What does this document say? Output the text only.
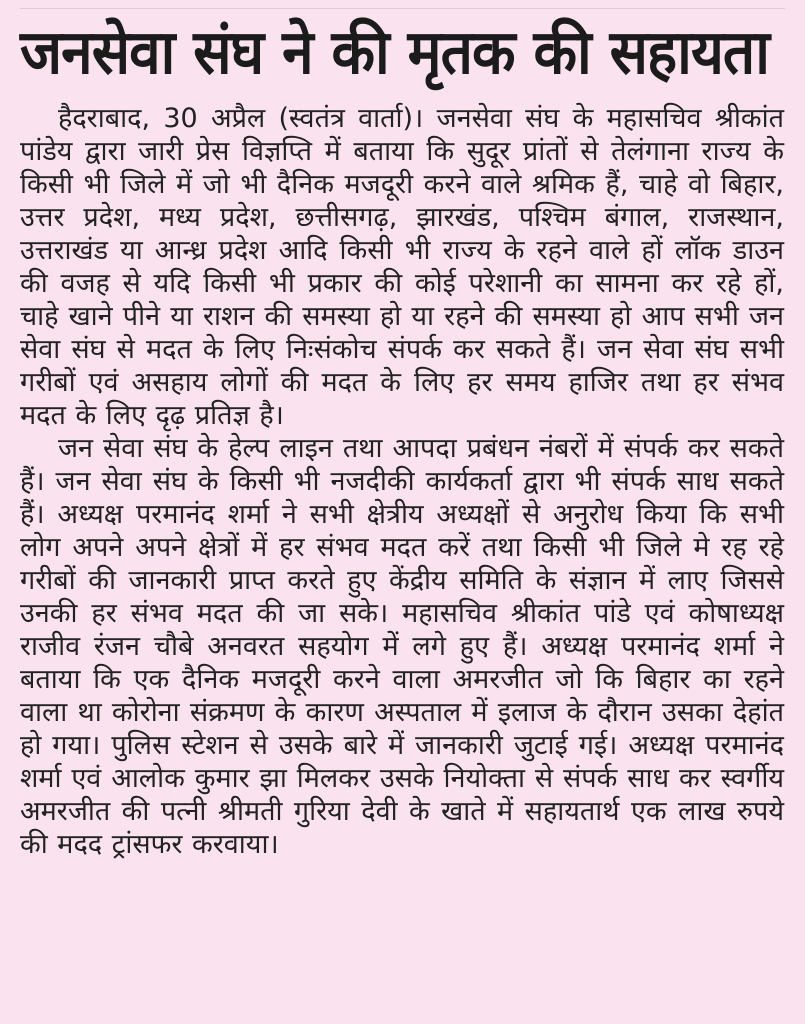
जनसेवा संघ ने की मृतक की सहायता

हैदराबाद, 30 अप्रैल (स्वतंत्र वार्ता)। जनसेवा संघ के महासचिव श्रीकांत पांडेय द्वारा जारी प्रेस विज्ञप्ति में बताया कि सुदूर प्रांतों से तेलंगाना राज्य के किसी भी जिले में जो भी दैनिक मजदूरी करने वाले श्रमिक हैं, चाहे वो बिहार, उत्तर प्रदेश, मध्य प्रदेश, छत्तीसगढ़, झारखंड, पश्चिम बंगाल, राजस्थान, उत्तराखंड या आन्ध्र प्रदेश आदि किसी भी राज्य के रहने वाले हों लॉक डाउन की वजह से यदि किसी भी प्रकार की कोई परेशानी का सामना कर रहे हों, चाहे खाने पीने या राशन की समस्या हो या रहने की समस्या हो आप सभी जन सेवा संघ से मदत के लिए निःसंकोच संपर्क कर सकते हैं। जन सेवा संघ सभी गरीबों एवं असहाय लोगों की मदत के लिए हर समय हाजिर तथा हर संभव मदत के लिए दृढ़ प्रतिज्ञ है।

जन सेवा संघ के हेल्प लाइन तथा आपदा प्रबंधन नंबरों में संपर्क कर सकते हैं। जन सेवा संघ के किसी भी नजदीकी कार्यकर्ता द्वारा भी संपर्क साध सकते हैं। अध्यक्ष परमानंद शर्मा ने सभी क्षेत्रीय अध्यक्षों से अनुरोध किया कि सभी लोग अपने अपने क्षेत्रों में हर संभव मदत करें तथा किसी भी जिले मे रह रहे गरीबों की जानकारी प्राप्त करते हुए केंद्रीय समिति के संज्ञान में लाए जिससे उनकी हर संभव मदत की जा सके। महासचिव श्रीकांत पांडे एवं कोषाध्यक्ष राजीव रंजन चौबे अनवरत सहयोग में लगे हुए हैं। अध्यक्ष परमानंद शर्मा ने बताया कि एक दैनिक मजदूरी करने वाला अमरजीत जो कि बिहार का रहने वाला था कोरोना संक्रमण के कारण अस्पताल में इलाज के दौरान उसका देहांत हो गया। पुलिस स्टेशन से उसके बारे में जानकारी जुटाई गई। अध्यक्ष परमानंद शर्मा एवं आलोक कुमार झा मिलकर उसके नियोक्ता से संपर्क साध कर स्वर्गीय अमरजीत की पत्नी श्रीमती गुरिया देवी के खाते में सहायतार्थ एक लाख रुपये की मदद ट्रांसफर करवाया।
